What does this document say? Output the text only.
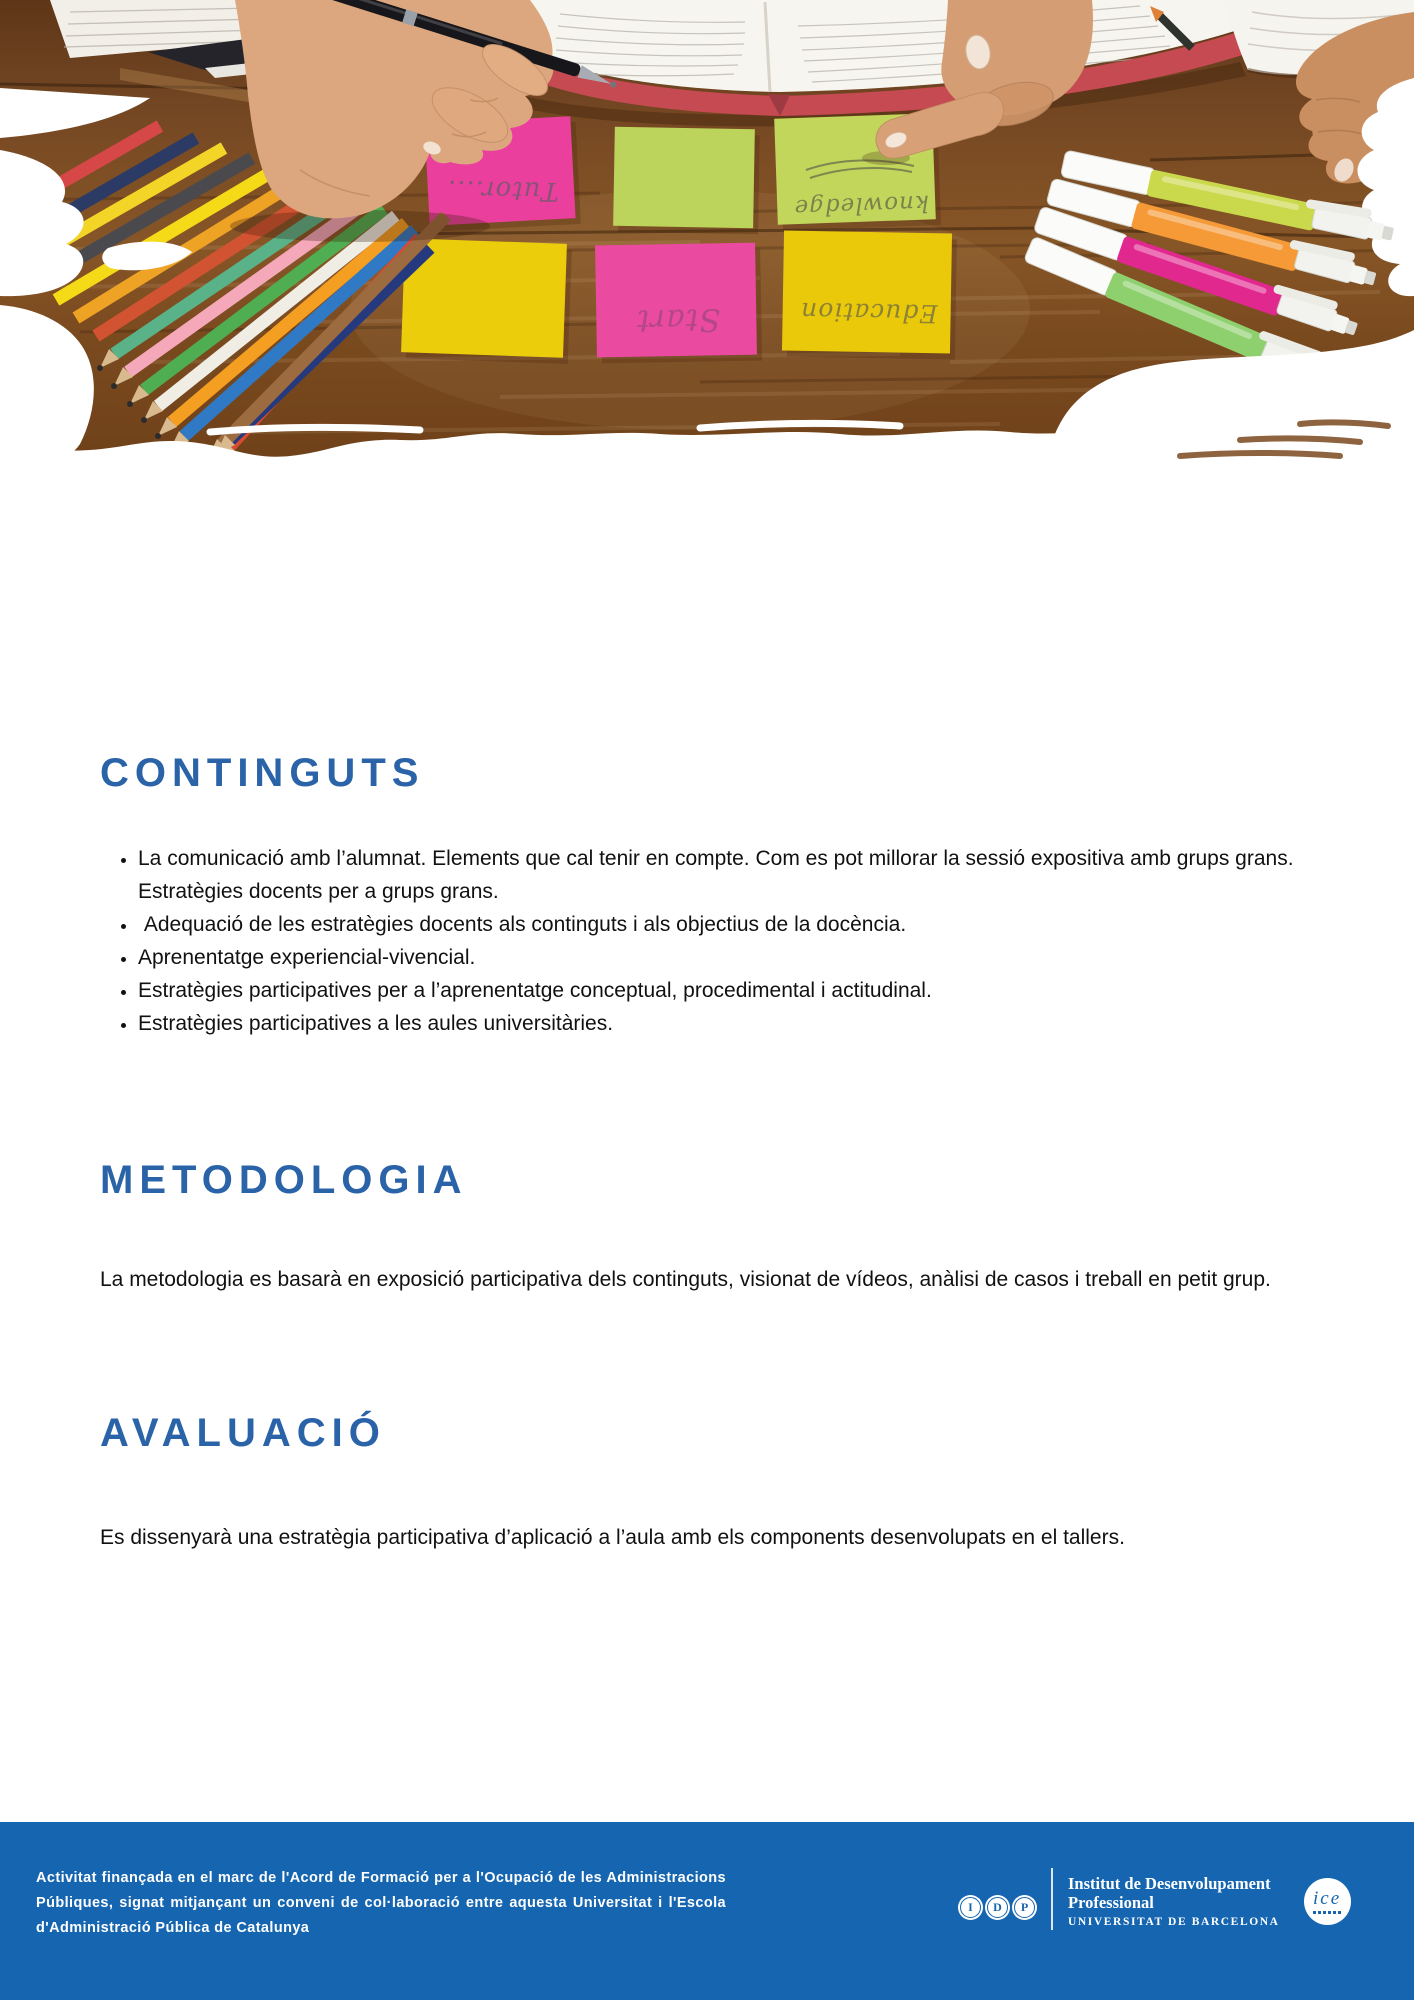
Tutor....	knowledge
Start	Education
CONTINGUTS
• La comunicació amb l’alumnat. Elements que cal tenir en compte. Com es pot millorar la sessió expositiva amb grups grans. Estratègies docents per a grups grans.
•  Adequació de les estratègies docents als continguts i als objectius de la docència.
• Aprenentatge experiencial-vivencial.
• Estratègies participatives per a l’aprenentatge conceptual, procedimental i actitudinal.
• Estratègies participatives a les aules universitàries.
METODOLOGIA

La metodologia es basarà en exposició participativa dels continguts, visionat de vídeos, anàlisi de casos i treball en petit grup.

AVALUACIÓ

Es dissenyarà una estratègia participativa d’aplicació a l’aula amb els components desenvolupats en el tallers.

Activitat finançada en el marc de l'Acord de Formació per a l'Ocupació de les Administracions
Públiques, signat mitjançant un conveni de col·laboració entre aquesta Universitat i l'Escola
d'Administració Pública de Catalunya
I	D	P
Institut de Desenvolupament
Professional
UNIVERSITAT DE BARCELONA
ice
